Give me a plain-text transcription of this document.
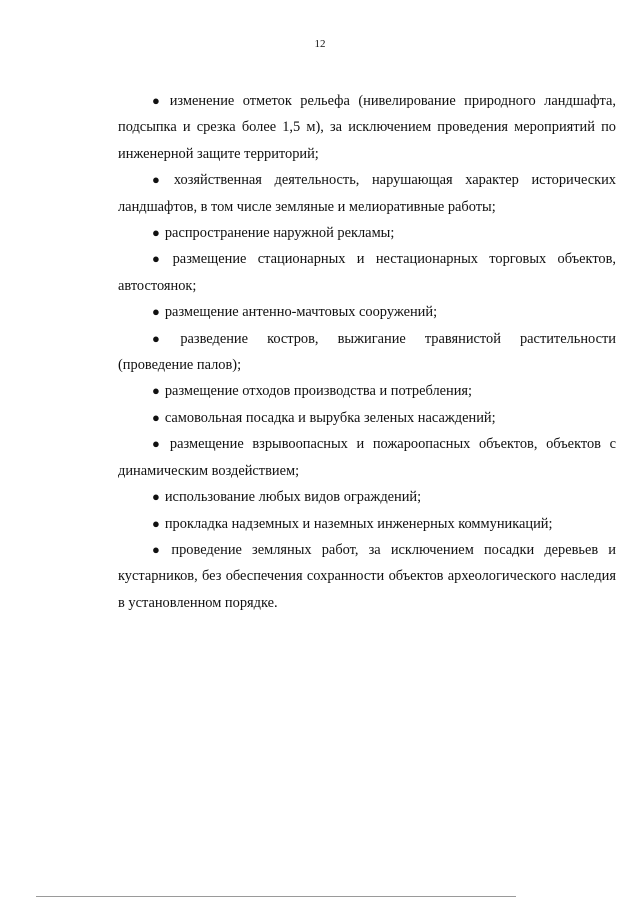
12

● изменение отметок рельефа (нивелирование природного ландшафта, подсыпка и срезка более 1,5 м), за исключением проведения мероприятий по инженерной защите территорий;

● хозяйственная деятельность, нарушающая характер исторических ландшафтов, в том числе земляные и мелиоративные работы;

● распространение наружной рекламы;

● размещение стационарных и нестационарных торговых объектов, автостоянок;

● размещение антенно-мачтовых сооружений;

● разведение костров, выжигание травянистой растительности (проведение палов);

● размещение отходов производства и потребления;

● самовольная посадка и вырубка зеленых насаждений;

● размещение взрывоопасных и пожароопасных объектов, объектов с динамическим воздействием;

● использование любых видов ограждений;

● прокладка надземных и наземных инженерных коммуникаций;

● проведение земляных работ, за исключением посадки деревьев и кустарников, без обеспечения сохранности объектов археологического наследия в установленном порядке.
